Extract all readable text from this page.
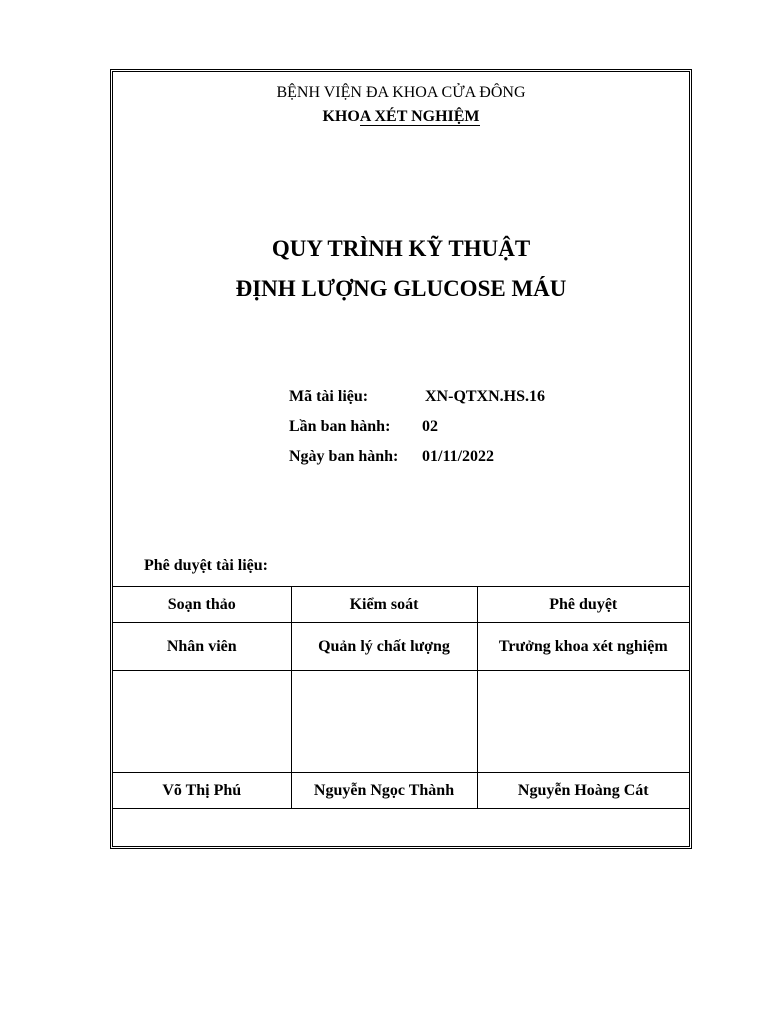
BỆNH VIỆN ĐA KHOA CỬA ĐÔNG
KHOA XÉT NGHIỆM
QUY TRÌNH KỸ THUẬT
ĐỊNH LƯỢNG GLUCOSE MÁU
Mã tài liệu:	XN-QTXN.HS.16
Lần ban hành: 02
Ngày ban hành: 01/11/2022
Phê duyệt tài liệu:
Soạn thảo	Kiểm soát	Phê duyệt
Nhân viên	Quản lý chất lượng	Trưởng khoa xét nghiệm

Võ Thị Phú	Nguyễn Ngọc Thành	Nguyễn Hoàng Cát
